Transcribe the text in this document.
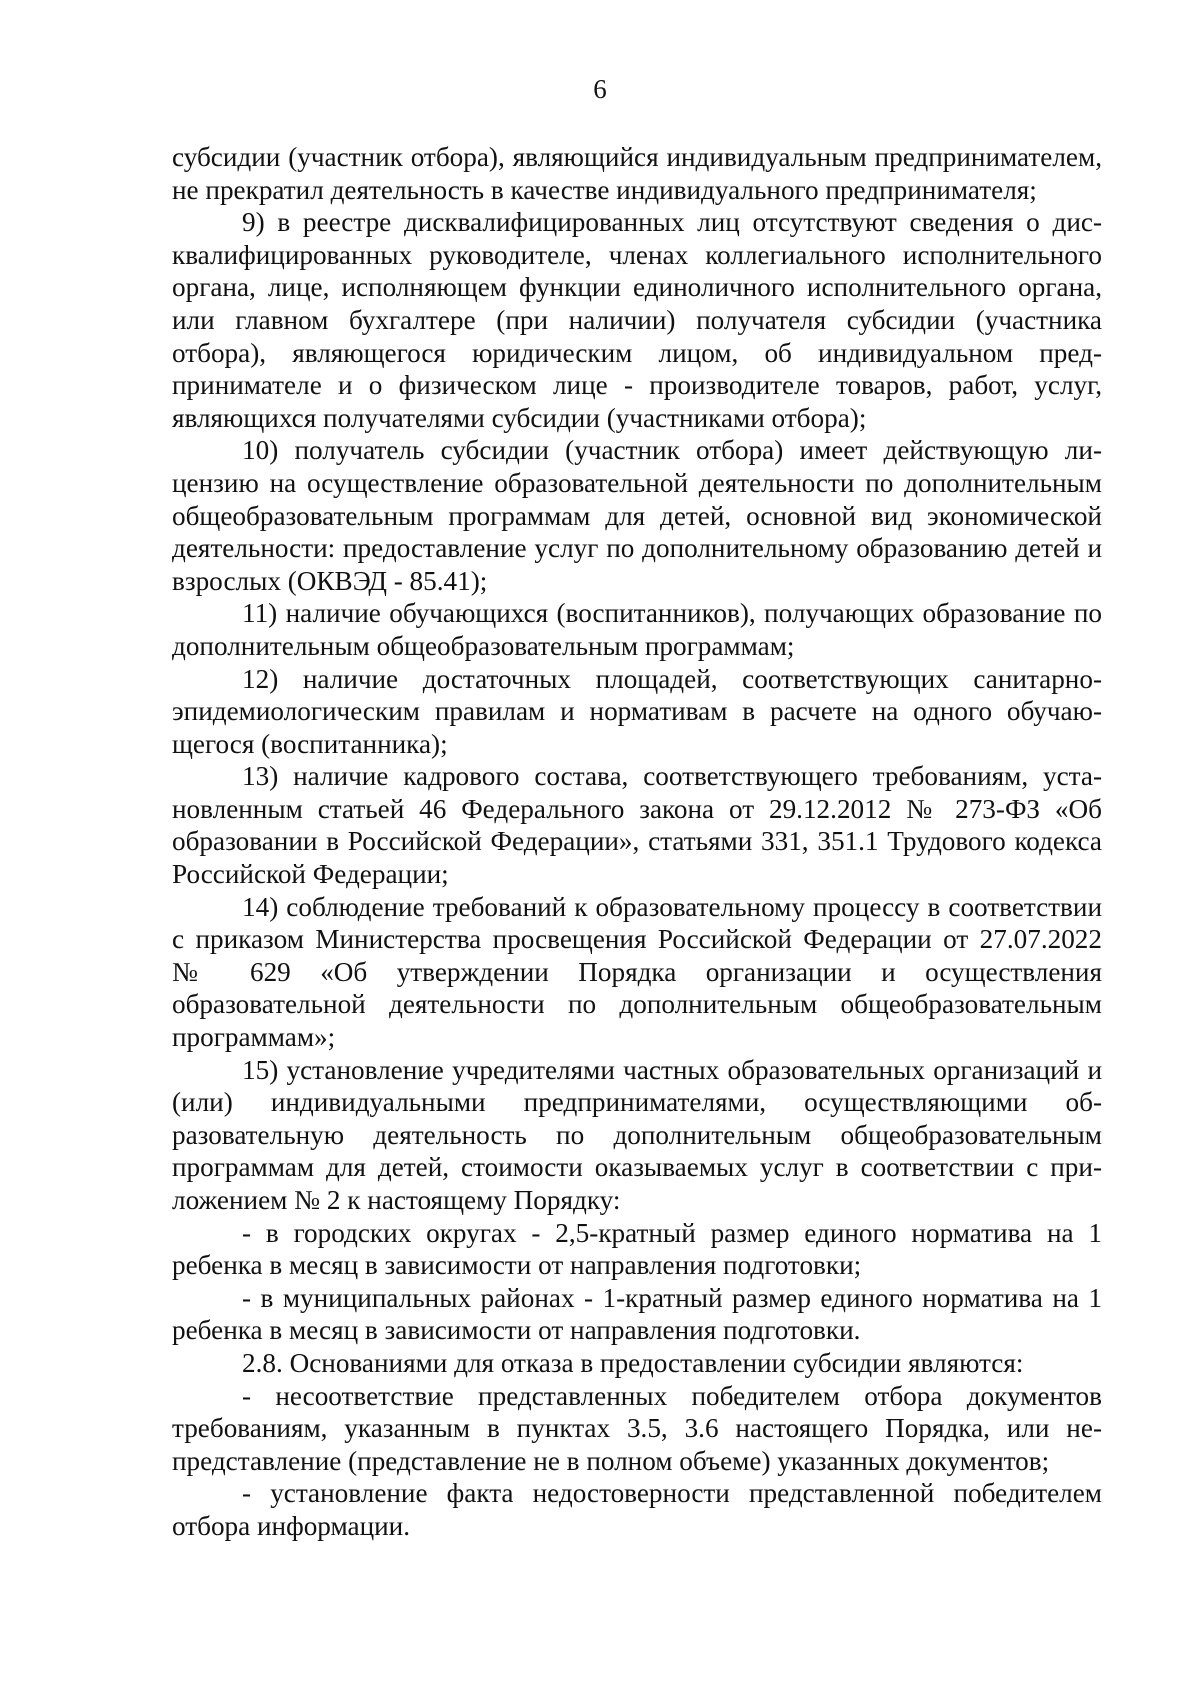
6

субсидии (участник отбора), являющийся индивидуальным предпринимателем, не прекратил деятельность в качестве индивидуального предпринимателя;

9) в реестре дисквалифицированных лиц отсутствуют сведения о дисквалифицированных руководителе, членах коллегиального исполнительного органа, лице, исполняющем функции единоличного исполнительного органа, или главном бухгалтере (при наличии) получателя субсидии (участника отбора), являющегося юридическим лицом, об индивидуальном предпринимателе и о физическом лице - производителе товаров, работ, услуг, являющихся получателями субсидии (участниками отбора);

10) получатель субсидии (участник отбора) имеет действующую лицензию на осуществление образовательной деятельности по дополнительным общеобразовательным программам для детей, основной вид экономической деятельности: предоставление услуг по дополнительному образованию детей и взрослых (ОКВЭД - 85.41);

11) наличие обучающихся (воспитанников), получающих образование по дополнительным общеобразовательным программам;

12) наличие достаточных площадей, соответствующих санитарно-эпидемиологическим правилам и нормативам в расчете на одного обучающегося (воспитанника);

13) наличие кадрового состава, соответствующего требованиям, установленным статьей 46 Федерального закона от 29.12.2012 № 273-ФЗ «Об образовании в Российской Федерации», статьями 331, 351.1 Трудового кодекса Российской Федерации;

14) соблюдение требований к образовательному процессу в соответствии с приказом Министерства просвещения Российской Федерации от 27.07.2022 № 629 «Об утверждении Порядка организации и осуществления образовательной деятельности по дополнительным общеобразовательным программам»;

15) установление учредителями частных образовательных организаций и (или) индивидуальными предпринимателями, осуществляющими образовательную деятельность по дополнительным общеобразовательным программам для детей, стоимости оказываемых услуг в соответствии с приложением № 2 к настоящему Порядку:

- в городских округах - 2,5-кратный размер единого норматива на 1 ребенка в месяц в зависимости от направления подготовки;

- в муниципальных районах - 1-кратный размер единого норматива на 1 ребенка в месяц в зависимости от направления подготовки.

2.8. Основаниями для отказа в предоставлении субсидии являются:

- несоответствие представленных победителем отбора документов требованиям, указанным в пунктах 3.5, 3.6 настоящего Порядка, или непредставление (представление не в полном объеме) указанных документов;

- установление факта недостоверности представленной победителем отбора информации.
